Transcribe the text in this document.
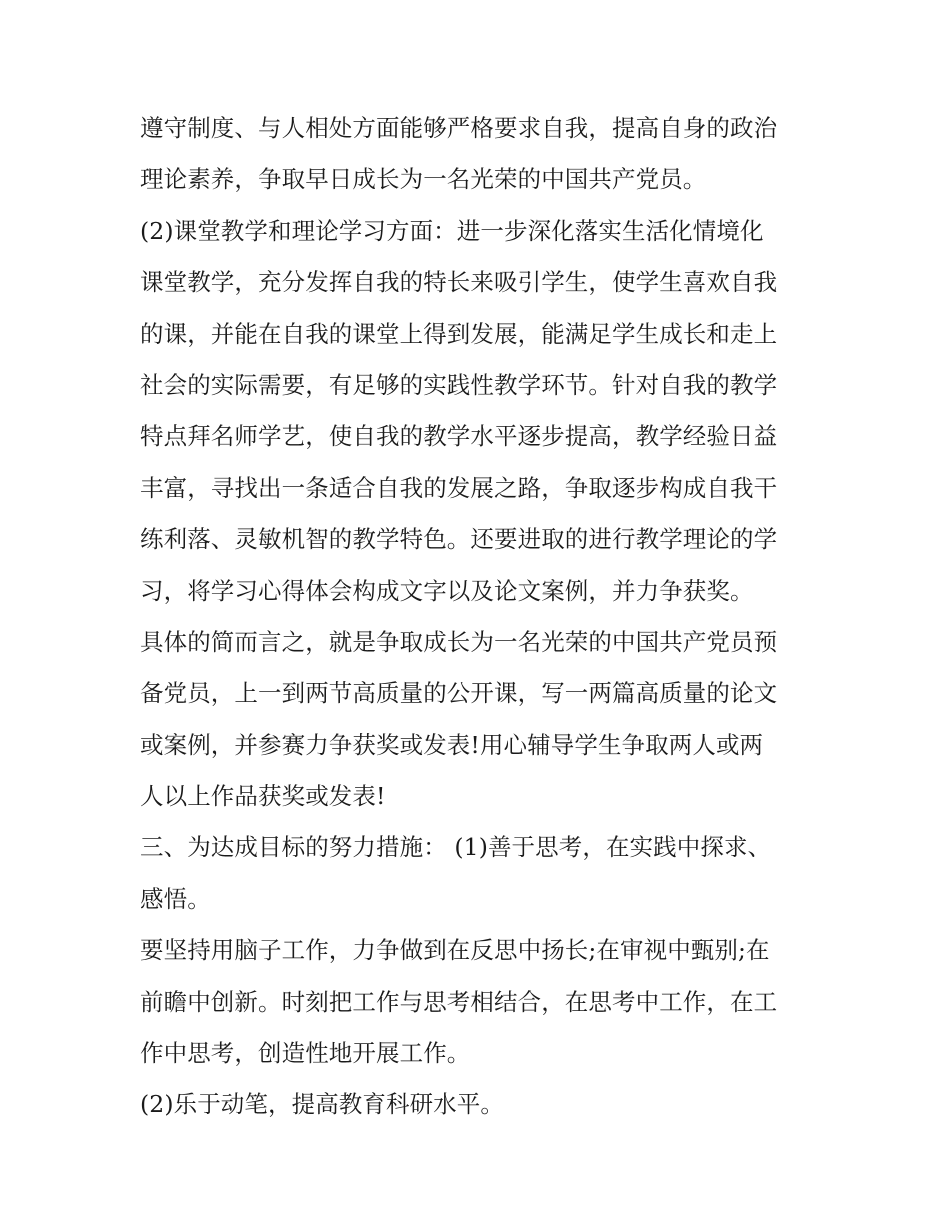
遵守制度、与人相处方面能够严格要求自我，提高自身的政治
理论素养，争取早日成长为一名光荣的中国共产党员。
(2)课堂教学和理论学习方面：进一步深化落实生活化情境化
课堂教学，充分发挥自我的特长来吸引学生，使学生喜欢自我
的课，并能在自我的课堂上得到发展，能满足学生成长和走上
社会的实际需要，有足够的实践性教学环节。针对自我的教学
特点拜名师学艺，使自我的教学水平逐步提高，教学经验日益
丰富，寻找出一条适合自我的发展之路，争取逐步构成自我干
练利落、灵敏机智的教学特色。还要进取的进行教学理论的学
习，将学习心得体会构成文字以及论文案例，并力争获奖。
具体的简而言之，就是争取成长为一名光荣的中国共产党员预
备党员，上一到两节高质量的公开课，写一两篇高质量的论文
或案例，并参赛力争获奖或发表!用心辅导学生争取两人或两
人以上作品获奖或发表!
三、为达成目标的努力措施： (1)善于思考，在实践中探求、
感悟。
要坚持用脑子工作，力争做到在反思中扬长;在审视中甄别;在
前瞻中创新。时刻把工作与思考相结合，在思考中工作，在工
作中思考，创造性地开展工作。
(2)乐于动笔，提高教育科研水平。
